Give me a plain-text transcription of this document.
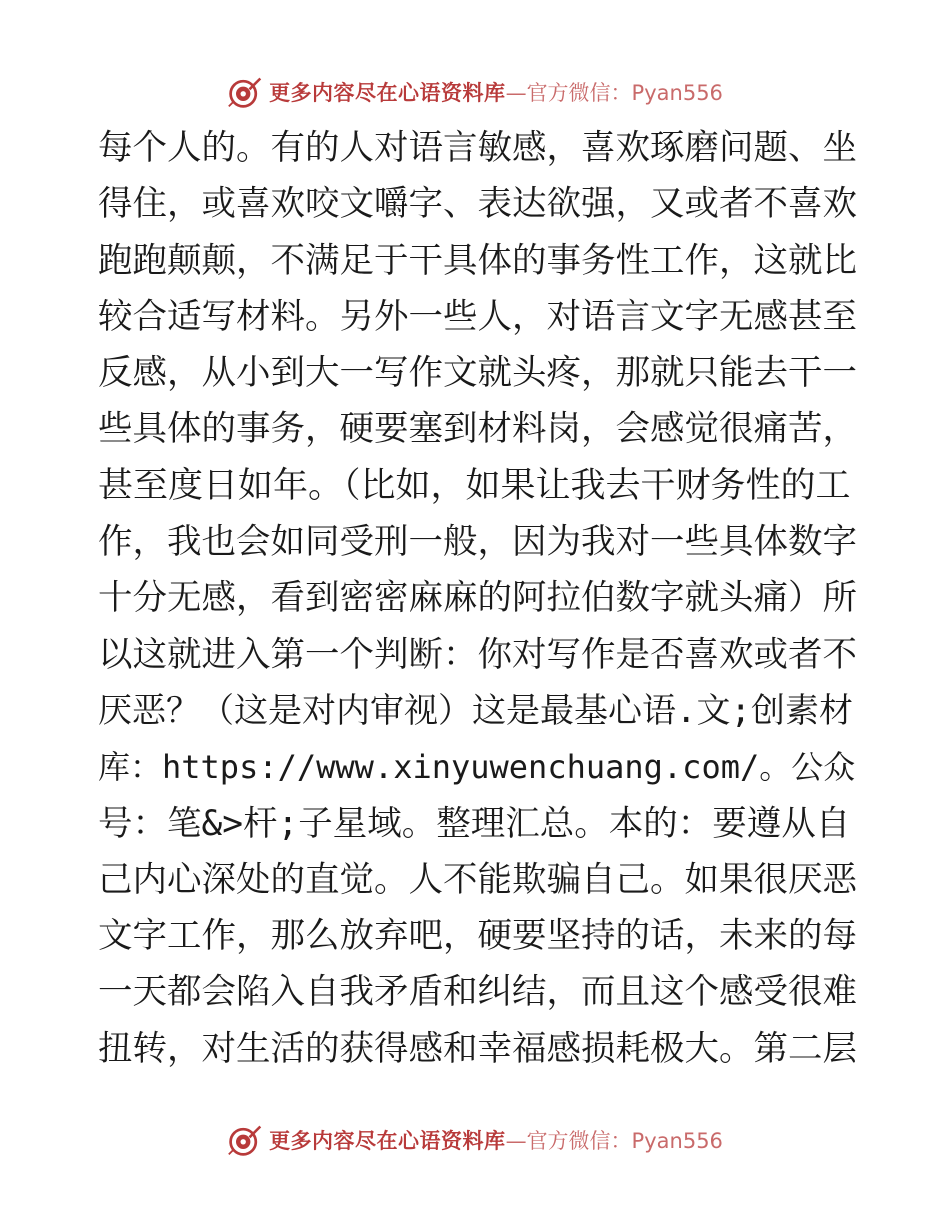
更多内容尽在心语资料库 —官方微信：Pyan556
每个人的。有的人对语言敏感，喜欢琢磨问题、坐
得住，或喜欢咬文嚼字、表达欲强，又或者不喜欢
跑跑颠颠，不满足于干具体的事务性工作，这就比
较合适写材料。另外一些人，对语言文字无感甚至
反感，从小到大一写作文就头疼，那就只能去干一
些具体的事务，硬要塞到材料岗，会感觉很痛苦，
甚至度日如年。（比如，如果让我去干财务性的工
作，我也会如同受刑一般，因为我对一些具体数字
十分无感，看到密密麻麻的阿拉伯数字就头痛）所
以这就进入第一个判断：你对写作是否喜欢或者不
厌恶？（这是对内审视）这是最基心语.文;创素材
库：https://www.xinyuwenchuang.com/。公众
号：笔&>杆;子星域。整理汇总。本的：要遵从自
己内心深处的直觉。人不能欺骗自己。如果很厌恶
文字工作，那么放弃吧，硬要坚持的话，未来的每
一天都会陷入自我矛盾和纠结，而且这个感受很难
扭转，对生活的获得感和幸福感损耗极大。第二层
更多内容尽在心语资料库 —官方微信：Pyan556
